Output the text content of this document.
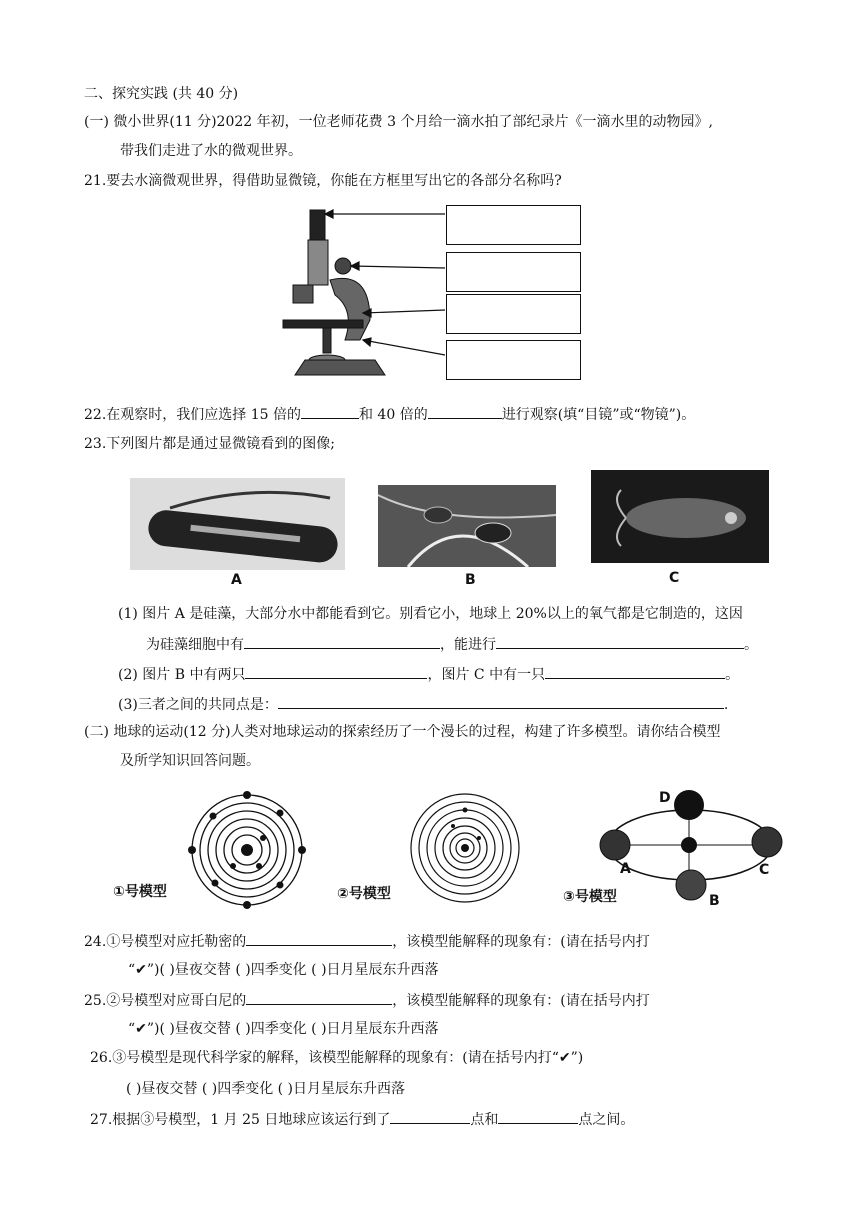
二、探究实践 (共 40 分)
(一) 微小世界(11 分)2022 年初，一位老师花费 3 个月给一滴水拍了部纪录片《一滴水里的动物园》,
带我们走进了水的微观世界。
21.要去水滴微观世界，得借助显微镜，你能在方框里写出它的各部分名称吗?
22.在观察时，我们应选择 15 倍的	和 40 倍的	进行观察(填“目镜”或“物镜”)。
23.下列图片都是通过显微镜看到的图像;
A	B	C
(1) 图片 A 是硅藻，大部分水中都能看到它。别看它小，地球上 20%以上的氧气都是它制造的，这因
为硅藻细胞中有	，能进行	。
(2) 图片 B 中有两只	，图片 C 中有一只	。
(3)三者之间的共同点是：	.
(二) 地球的运动(12 分)人类对地球运动的探索经历了一个漫长的过程，构建了许多模型。请你结合模型
及所学知识回答问题。
①号模型	②号模型
D
A
B
C
③号模型
24.①号模型对应托勒密的	，该模型能解释的现象有：(请在括号内打
“✔”)( )昼夜交替 ( )四季变化 ( )日月星辰东升西落
25.②号模型对应哥白尼的	，该模型能解释的现象有：(请在括号内打
“✔”)( )昼夜交替 ( )四季变化 ( )日月星辰东升西落
26.③号模型是现代科学家的解释，该模型能解释的现象有：(请在括号内打“✔”)
( )昼夜交替 ( )四季变化 ( )日月星辰东升西落
27.根据③号模型，1 月 25 日地球应该运行到了	点和	点之间。
